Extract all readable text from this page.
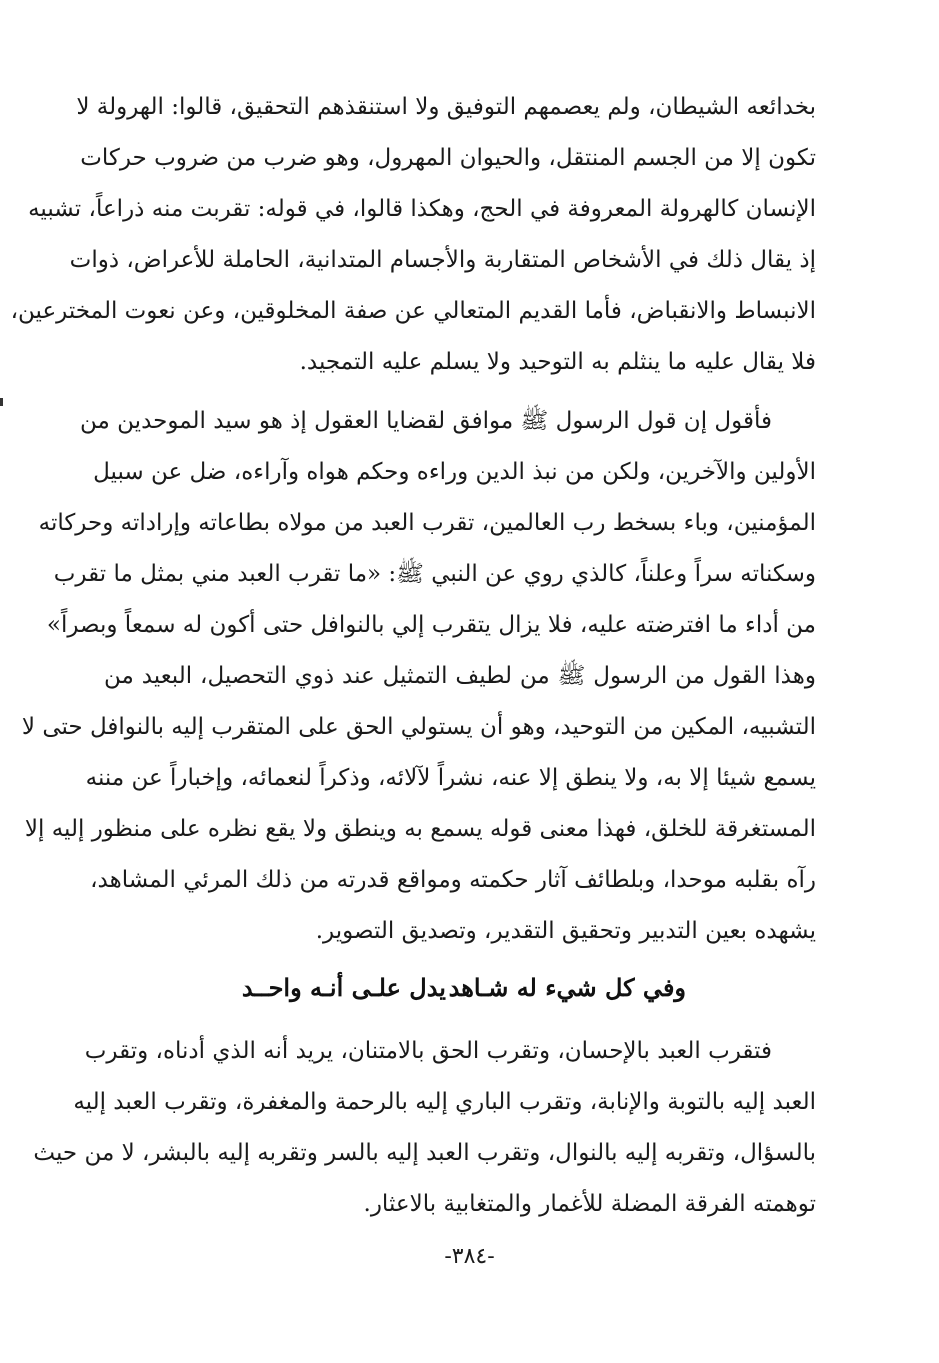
بخدائعه الشيطان، ولم يعصمهم التوفيق ولا استنقذهم التحقيق، قالوا: الهرولة لا
تكون إلا من الجسم المنتقل، والحيوان المهرول، وهو ضرب من ضروب حركات
الإنسان كالهرولة المعروفة في الحج، وهكذا قالوا، في قوله: تقربت منه ذراعاً، تشبيه
إذ يقال ذلك في الأشخاص المتقاربة والأجسام المتدانية، الحاملة للأعراض، ذوات
الانبساط والانقباض، فأما القديم المتعالي عن صفة المخلوقين، وعن نعوت المخترعين،
فلا يقال عليه ما ينثلم به التوحيد ولا يسلم عليه التمجيد.
فأقول إن قول الرسول ﷺ موافق لقضايا العقول إذ هو سيد الموحدين من
الأولين والآخرين، ولكن من نبذ الدين وراءه وحكم هواه وآراءه، ضل عن سبيل
المؤمنين، وباء بسخط رب العالمين، تقرب العبد من مولاه بطاعاته وإراداته وحركاته
وسكناته سراً وعلناً، كالذي روي عن النبي ﷺ: «ما تقرب العبد مني بمثل ما تقرب
من أداء ما افترضته عليه، فلا يزال يتقرب إلي بالنوافل حتى أكون له سمعاً وبصراً»
وهذا القول من الرسول ﷺ من لطيف التمثيل عند ذوي التحصيل، البعيد من
التشبيه، المكين من التوحيد، وهو أن يستولي الحق على المتقرب إليه بالنوافل حتى لا
يسمع شيئا إلا به، ولا ينطق إلا عنه، نشراً لآلائه، وذكراً لنعمائه، وإخباراً عن مننه
المستغرقة للخلق، فهذا معنى قوله يسمع به وينطق ولا يقع نظره على منظور إليه إلا
رآه بقلبه موحدا، وبلطائف آثار حكمته ومواقع قدرته من ذلك المرئي المشاهد،
يشهده بعين التدبير وتحقيق التقدير، وتصديق التصوير.
وفي كل شيء له شـاهد
يدل علـى أنـه واحــد
فتقرب العبد بالإحسان، وتقرب الحق بالامتنان، يريد أنه الذي أدناه، وتقرب
العبد إليه بالتوبة والإنابة، وتقرب الباري إليه بالرحمة والمغفرة، وتقرب العبد إليه
بالسؤال، وتقربه إليه بالنوال، وتقرب العبد إليه بالسر وتقربه إليه بالبشر، لا من حيث
توهمته الفرقة المضلة للأغمار والمتغابية بالاعثار.
-٣٨٤-
